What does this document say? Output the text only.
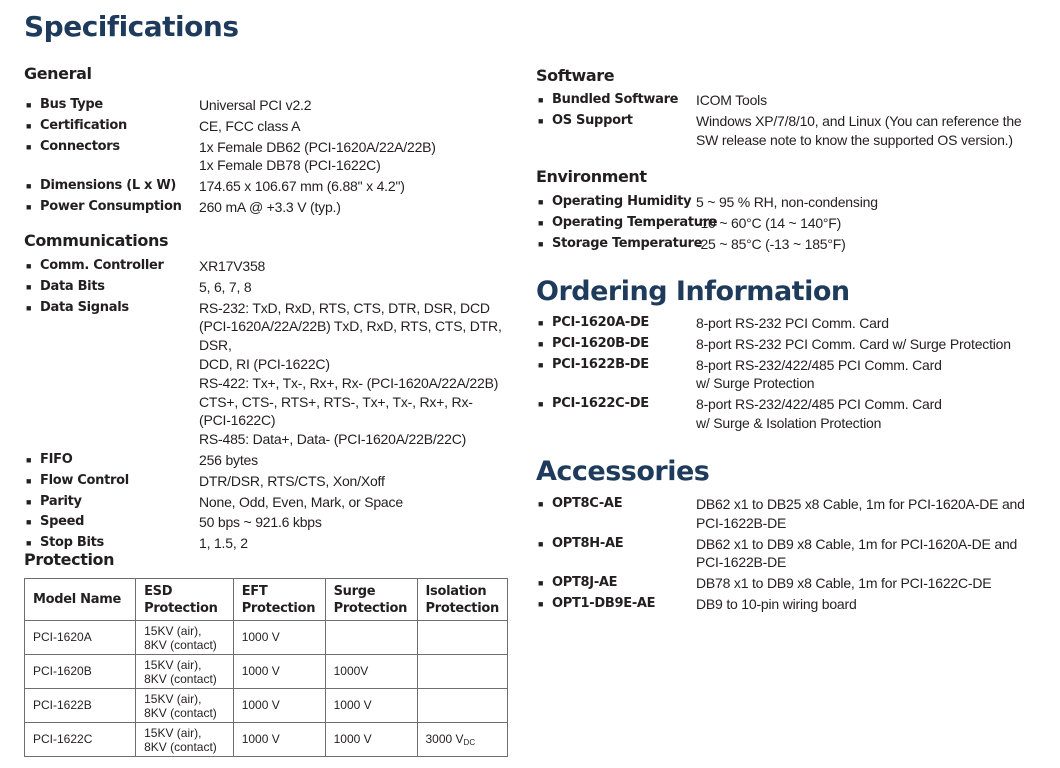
Specifications
General
■ Bus Type	Universal PCI v2.2
■ Certification	CE, FCC class A
■ Connectors	1x Female DB62 (PCI-1620A/22A/22B)
1x Female DB78 (PCI-1622C)
■ Dimensions (L x W)	174.65 x 106.67 mm (6.88" x 4.2")
■ Power Consumption	260 mA @ +3.3 V (typ.)
Communications
■ Comm. Controller	XR17V358
■ Data Bits	5, 6, 7, 8
■ Data Signals	RS-232: TxD, RxD, RTS, CTS, DTR, DSR, DCD
(PCI-1620A/22A/22B) TxD, RxD, RTS, CTS, DTR, DSR,
DCD, RI (PCI-1622C)
RS-422: Tx+, Tx-, Rx+, Rx- (PCI-1620A/22A/22B)
CTS+, CTS-, RTS+, RTS-, Tx+, Tx-, Rx+, Rx-
(PCI-1622C)
RS-485: Data+, Data- (PCI-1620A/22B/22C)
■ FIFO	256 bytes
■ Flow Control	DTR/DSR, RTS/CTS, Xon/Xoff
■ Parity	None, Odd, Even, Mark, or Space
■ Speed	50 bps ~ 921.6 kbps
■ Stop Bits	1, 1.5, 2
Protection
Model Name	ESD Protection	EFT Protection	Surge Protection	Isolation Protection
PCI-1620A	15KV (air),
8KV (contact)	1000 V		
PCI-1620B	15KV (air),
8KV (contact)	1000 V	1000V	
PCI-1622B	15KV (air),
8KV (contact)	1000 V	1000 V	
PCI-1622C	15KV (air),
8KV (contact)	1000 V	1000 V	3000 $V_{DC}$
Software
■ Bundled Software	ICOM Tools
■ OS Support	Windows XP/7/8/10, and Linux (You can reference the
SW release note to know the supported OS version.)
Environment
■ Operating Humidity 5 ~ 95 % RH, non-condensing
■ Operating Temperature
-10 ~ 60°C (14 ~ 140°F)
■ Storage Temperature
-25 ~ 85°C (-13 ~ 185°F)
Ordering Information
■ PCI-1620A-DE	8-port RS-232 PCI Comm. Card
■ PCI-1620B-DE	8-port RS-232 PCI Comm. Card w/ Surge Protection
■ PCI-1622B-DE	8-port RS-232/422/485 PCI Comm. Card
w/ Surge Protection
■ PCI-1622C-DE	8-port RS-232/422/485 PCI Comm. Card
w/ Surge & Isolation Protection
Accessories
■ OPT8C-AE	DB62 x1 to DB25 x8 Cable, 1m for PCI-1620A-DE and
PCI-1622B-DE
■ OPT8H-AE	DB62 x1 to DB9 x8 Cable, 1m for PCI-1620A-DE and
PCI-1622B-DE
■ OPT8J-AE	DB78 x1 to DB9 x8 Cable, 1m for PCI-1622C-DE
■ OPT1-DB9E-AE	DB9 to 10-pin wiring board
